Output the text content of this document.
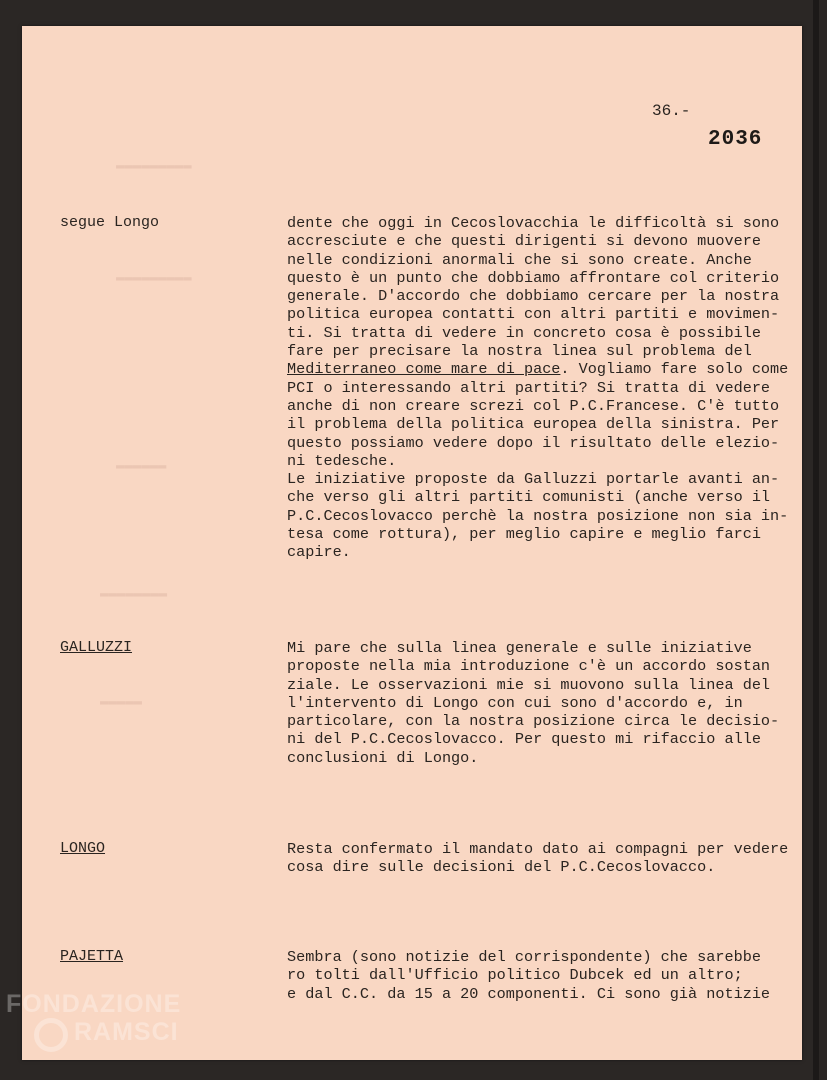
▬▬▬▬▬▬▬▬▬
▬▬▬▬▬▬▬▬▬
▬▬▬▬▬▬
▬▬▬▬▬▬▬▬
▬▬▬▬▬
36.-
2036
segue Longo	dente che oggi in Cecoslovacchia le difficoltà si sono
accresciute e che questi dirigenti si devono muovere
nelle condizioni anormali che si sono create. Anche
questo è un punto che dobbiamo affrontare col criterio
generale. D'accordo che dobbiamo cercare per la nostra
politica europea contatti con altri partiti e movimen-
ti. Si tratta di vedere in concreto cosa è possibile
fare per precisare la nostra linea sul problema del
Mediterraneo come mare di pace. Vogliamo fare solo come
PCI o interessando altri partiti? Si tratta di vedere
anche di non creare screzi col P.C.Francese. C'è tutto
il problema della politica europea della sinistra. Per
questo possiamo vedere dopo il risultato delle elezio-
ni tedesche.
Le iniziative proposte da Galluzzi portarle avanti an-
che verso gli altri partiti comunisti (anche verso il
P.C.Cecoslovacco perchè la nostra posizione non sia in-
tesa come rottura), per meglio capire e meglio farci
capire.
GALLUZZI	Mi pare che sulla linea generale e sulle iniziative
proposte nella mia introduzione c'è un accordo sostan
ziale. Le osservazioni mie si muovono sulla linea del
l'intervento di Longo con cui sono d'accordo e, in
particolare, con la nostra posizione circa le decisio-
ni del P.C.Cecoslovacco. Per questo mi rifaccio alle
conclusioni di Longo.
LONGO	Resta confermato il mandato dato ai compagni per vedere
cosa dire sulle decisioni del P.C.Cecoslovacco.
PAJETTA	Sembra (sono notizie del corrispondente) che sarebbe
ro tolti dall'Ufficio politico Dubcek ed un altro;
e dal C.C. da 15 a 20 componenti. Ci sono già notizie
FONDAZIONE
RAMSCI
